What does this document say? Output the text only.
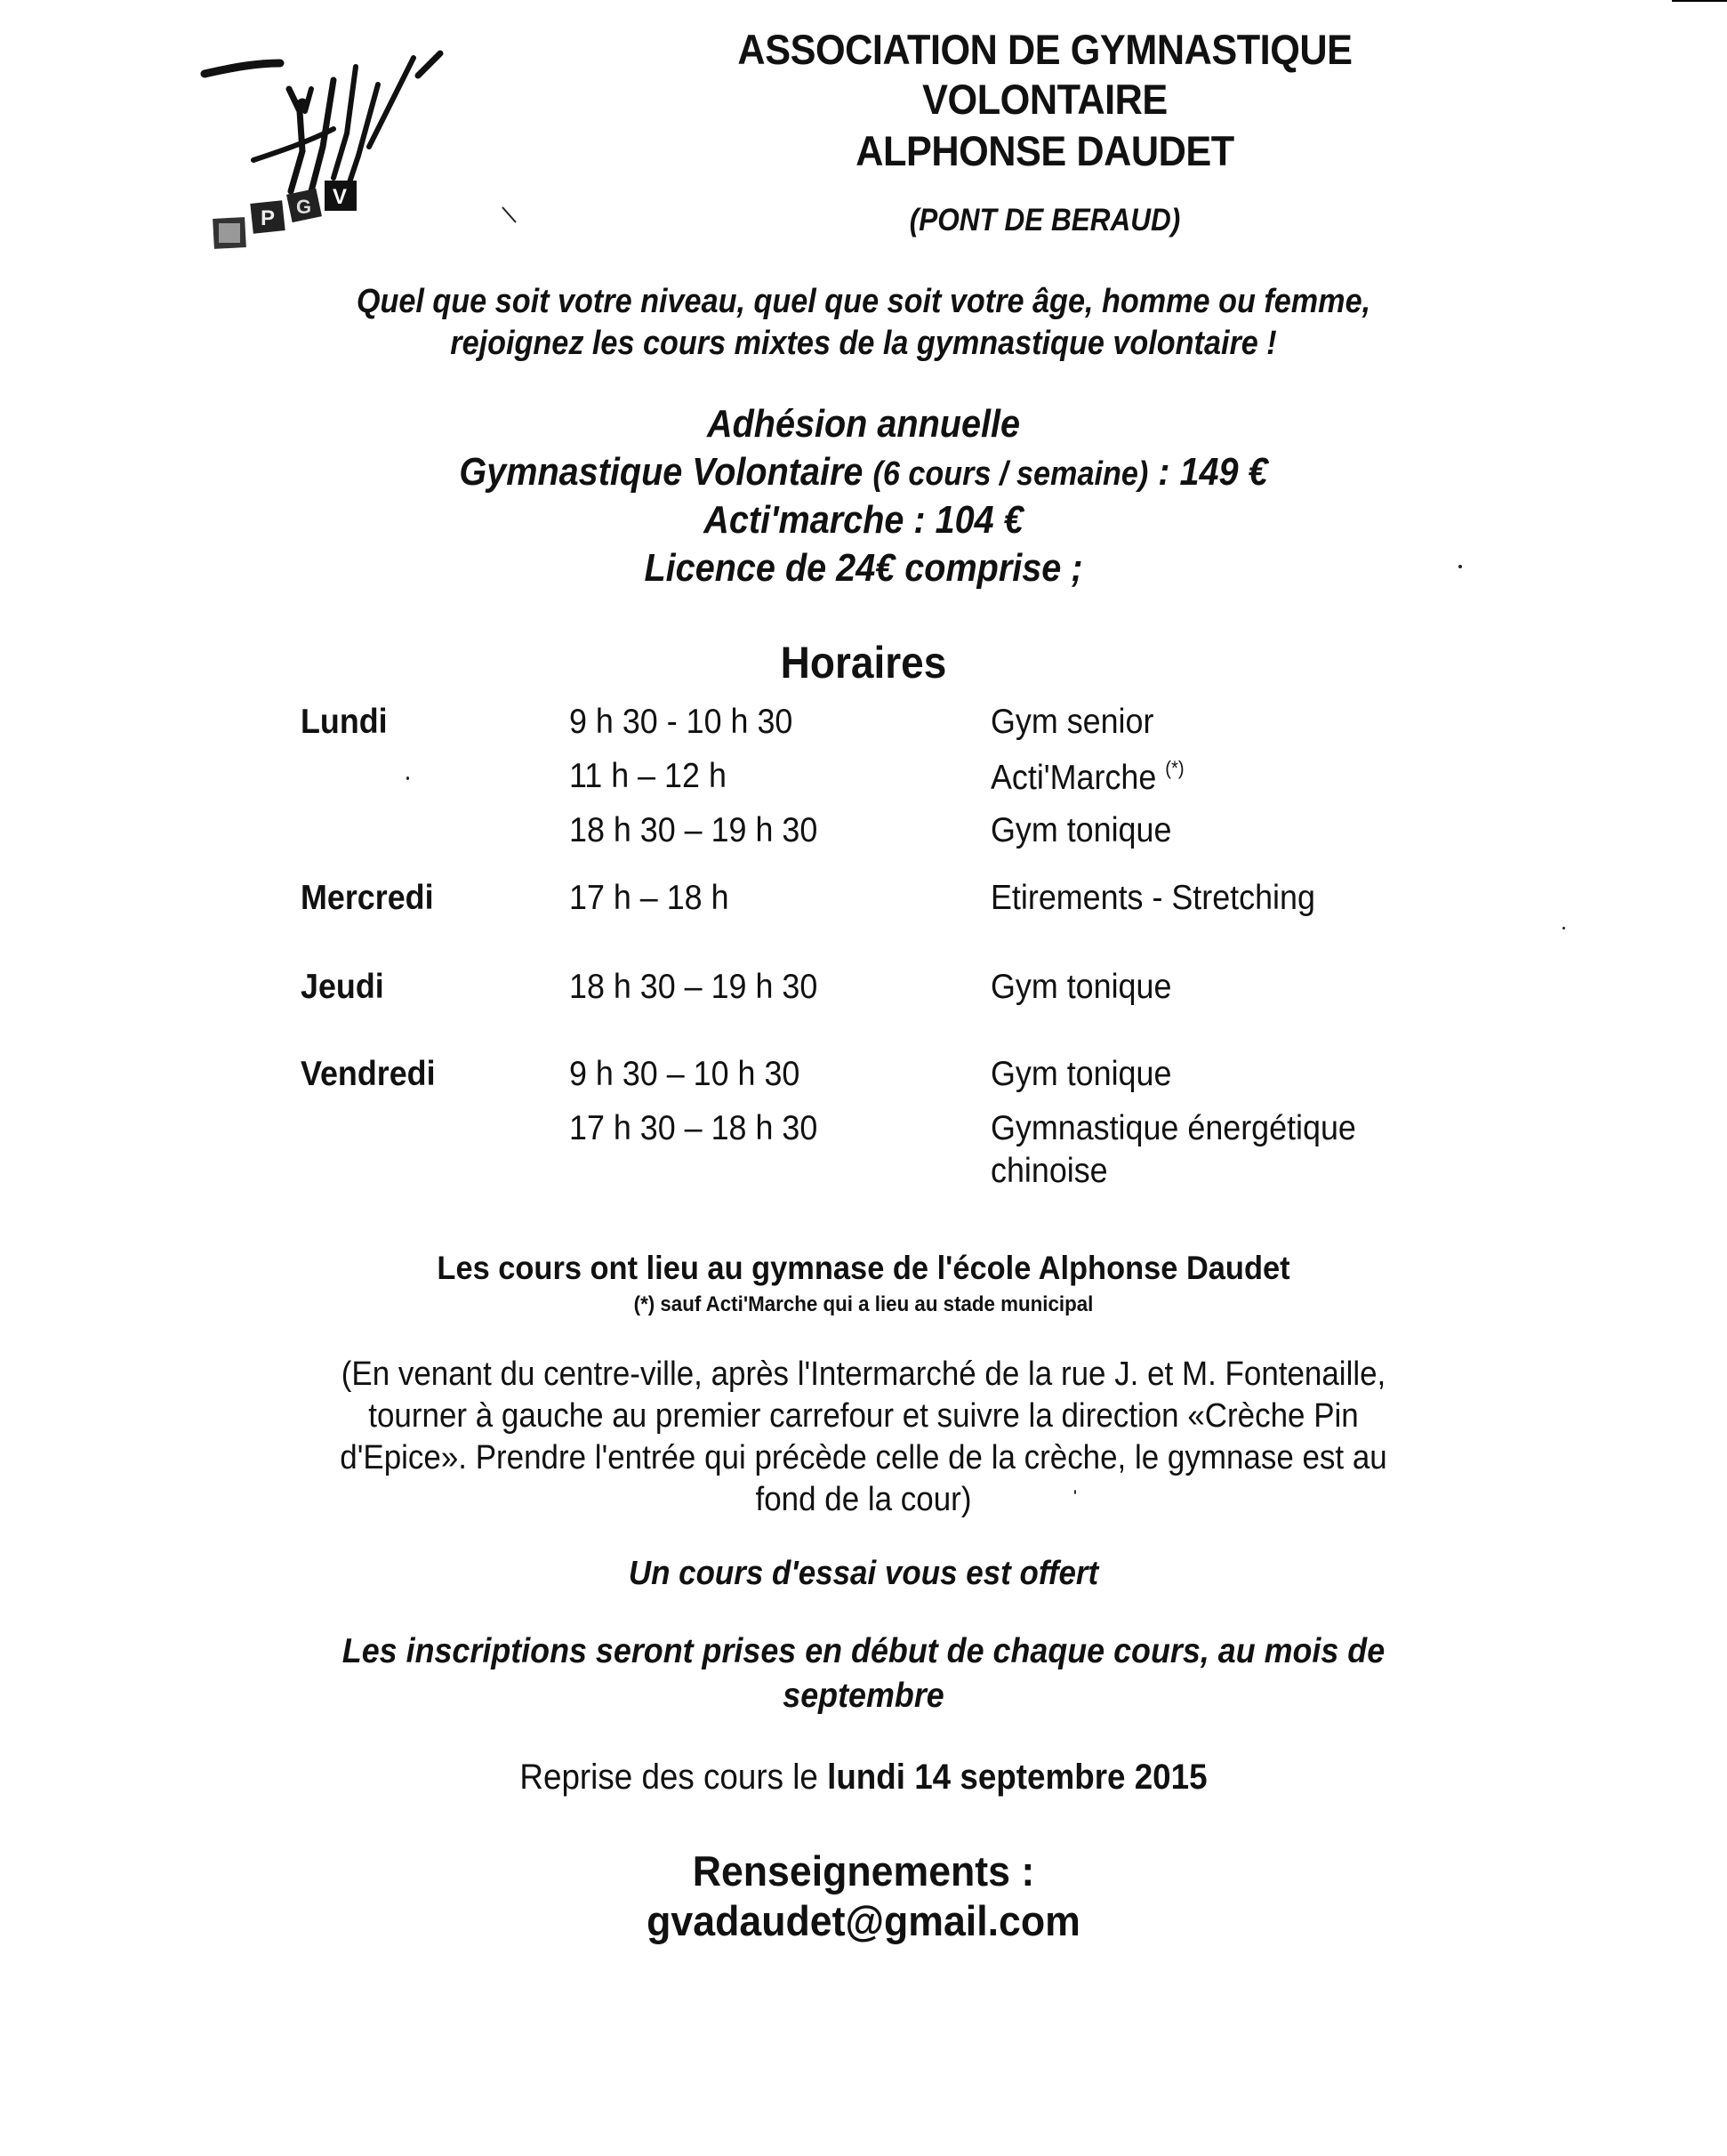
P G V
ASSOCIATION DE GYMNASTIQUE
VOLONTAIRE
ALPHONSE DAUDET
(PONT DE BERAUD)
Quel que soit votre niveau, quel que soit votre âge, homme ou femme,
rejoignez les cours mixtes de la gymnastique volontaire !
Adhésion annuelle
Gymnastique Volontaire (6 cours / semaine) : 149 €
Acti'marche : 104 €
Licence de 24€ comprise ;
Horaires
Lundi	9 h 30 - 10 h 30	Gym senior
11 h – 12 h	Acti'Marche (*)
18 h 30 – 19 h 30	Gym tonique
Mercredi	17 h – 18 h	Etirements - Stretching
Jeudi	18 h 30 – 19 h 30	Gym tonique
Vendredi	9 h 30 – 10 h 30	Gym tonique
17 h 30 – 18 h 30	Gymnastique énergétique
chinoise
Les cours ont lieu au gymnase de l'école Alphonse Daudet
(*) sauf Acti'Marche qui a lieu au stade municipal
(En venant du centre-ville, après l'Intermarché de la rue J. et M. Fontenaille,
tourner à gauche au premier carrefour et suivre la direction «Crèche Pin
d'Epice». Prendre l'entrée qui précède celle de la crèche, le gymnase est au
fond de la cour)
Un cours d'essai vous est offert
Les inscriptions seront prises en début de chaque cours, au mois de
septembre
Reprise des cours le lundi 14 septembre 2015
Renseignements :
gvadaudet@gmail.com
